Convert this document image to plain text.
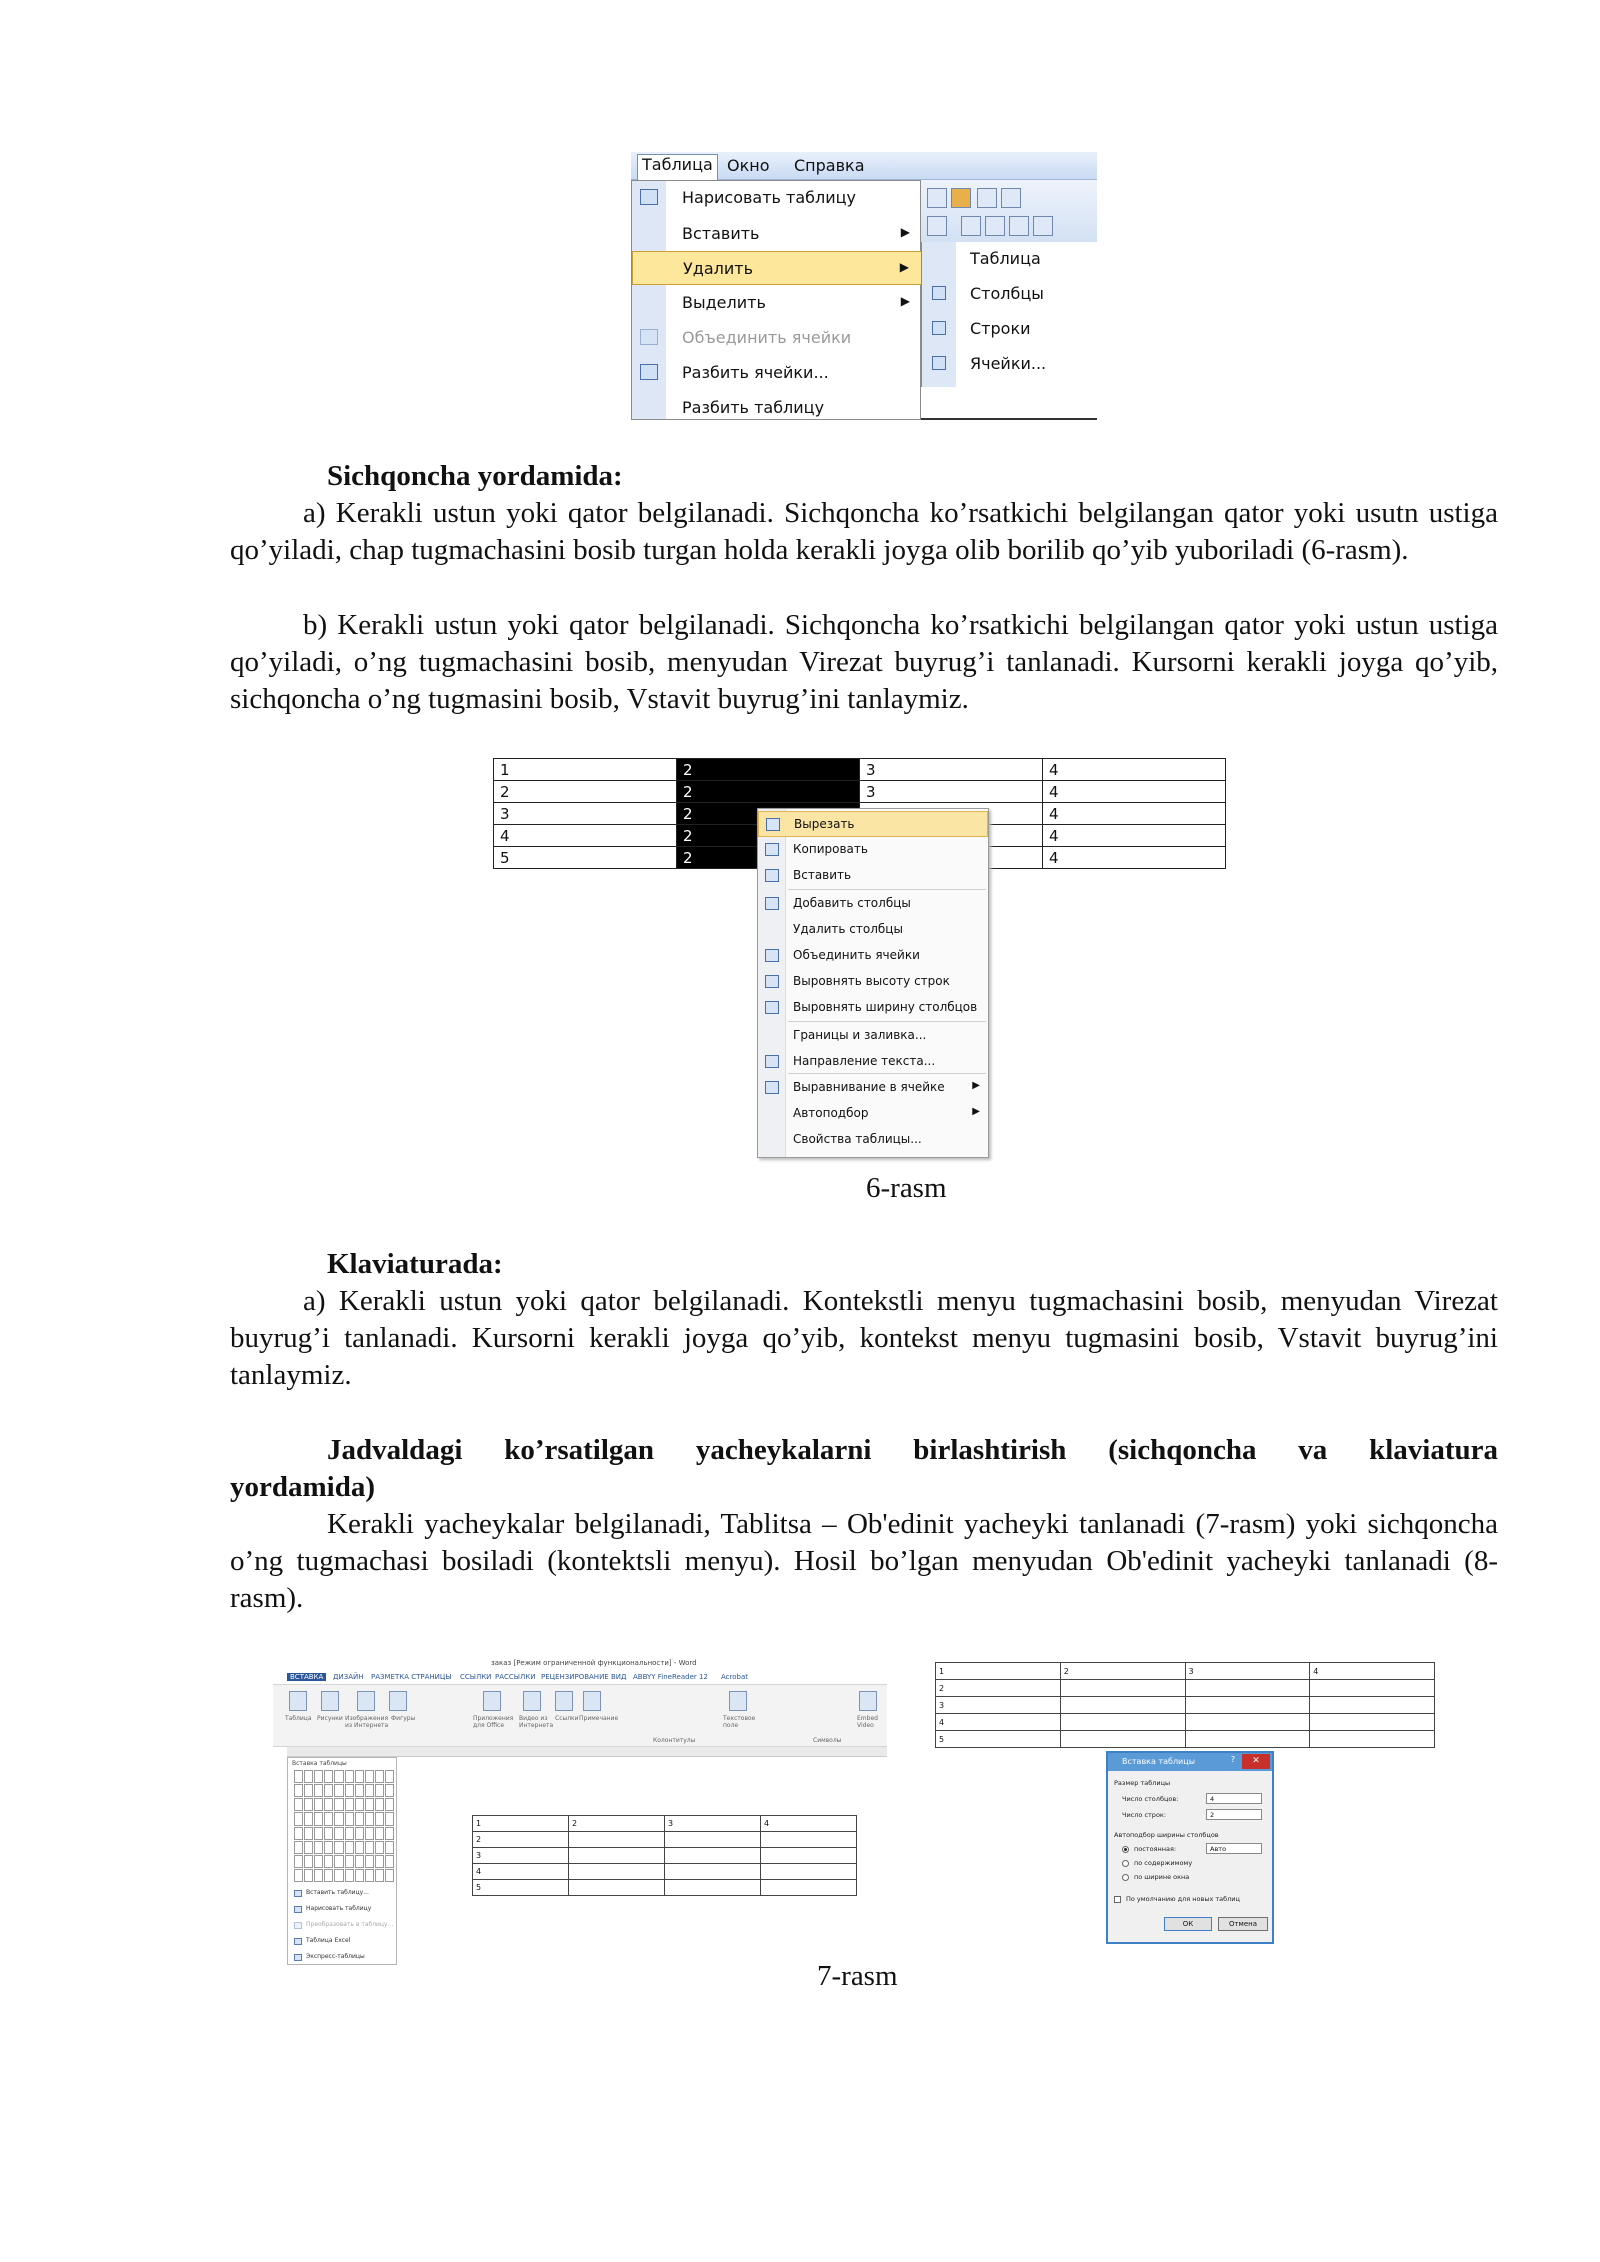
Таблица Окно Справка
Нарисовать таблицу
Вставить	▶
Удалить	▶
Выделить	▶
Объединить ячейки
Разбить ячейки...
Разбить таблицу
Таблица
Столбцы
Строки
Ячейки...
Sichqoncha yordamida:
a) Kerakli ustun yoki qator belgilanadi. Sichqoncha ko’rsatkichi belgilangan qator yoki usutn ustiga qo’yiladi, chap tugmachasini bosib turgan holda kerakli joyga olib borilib qo’yib yuboriladi (6-rasm).
b) Kerakli ustun yoki qator belgilanadi. Sichqoncha ko’rsatkichi belgilangan qator yoki ustun ustiga qo’yiladi, o’ng tugmachasini bosib, menyudan Virezat buyrug’i tanlanadi. Kursorni kerakli joyga qo’yib, sichqoncha o’ng tugmasini bosib, Vstavit buyrug’ini tanlaymiz.
1	2	3	4
2	2	3	4
3	2		4
4	2		4
5	2		4
Вырезать
Копировать
Вставить
Добавить столбцы
Удалить столбцы
Объединить ячейки
Выровнять высоту строк
Выровнять ширину столбцов
Границы и заливка...
Направление текста...
Выравнивание в ячейке	▶
Автоподбор	▶
Свойства таблицы...
6-rasm
Klaviaturada:
a) Kerakli ustun yoki qator belgilanadi. Kontekstli menyu tugmachasini bosib, menyudan Virezat buyrug’i tanlanadi. Kursorni kerakli joyga qo’yib, kontekst menyu tugmasini bosib, Vstavit buyrug’ini tanlaymiz.
Jadvaldagi ko’rsatilgan yacheykalarni birlashtirish (sichqoncha va klaviatura
yordamida)
Kerakli yacheykalar belgilanadi, Tablitsa – Ob'edinit yacheyki tanlanadi (7-rasm) yoki sichqoncha o’ng tugmachasi bosiladi (kontektsli menyu). Hosil bo’lgan menyudan Ob'edinit yacheyki tanlanadi (8-rasm).
заказ [Режим ограниченной функциональности] - Word
ВСТАВКА	ДИЗАЙН РАЗМЕТКА СТРАНИЦЫ ССЫЛКИ РАССЫЛКИ РЕЦЕНЗИРОВАНИЕ ВИД ABBYY FineReader 12 Acrobat
Таблица Рисунки Изображения из Интернета
Фигуры	Приложения для Office
Видео из Интернета
Ссылки Примечание
Колонтитулы
Текстовое поле
Символы
Embed Video
Вставка таблицы
Вставить таблицу...
Нарисовать таблицу
Преобразовать в таблицу...
Таблица Excel
Экспресс-таблицы
1	2	3	4
2			
3			
4			
5			
1	2	3	4
2			
3			
4			
5			
Вставка таблицы	?	✕
Размер таблицы
Число столбцов:	4
Число строк:	2
Автоподбор ширины столбцов
постоянная:	Авто
по содержимому
по ширине окна
По умолчанию для новых таблиц
ОК	Отмена
7-rasm
